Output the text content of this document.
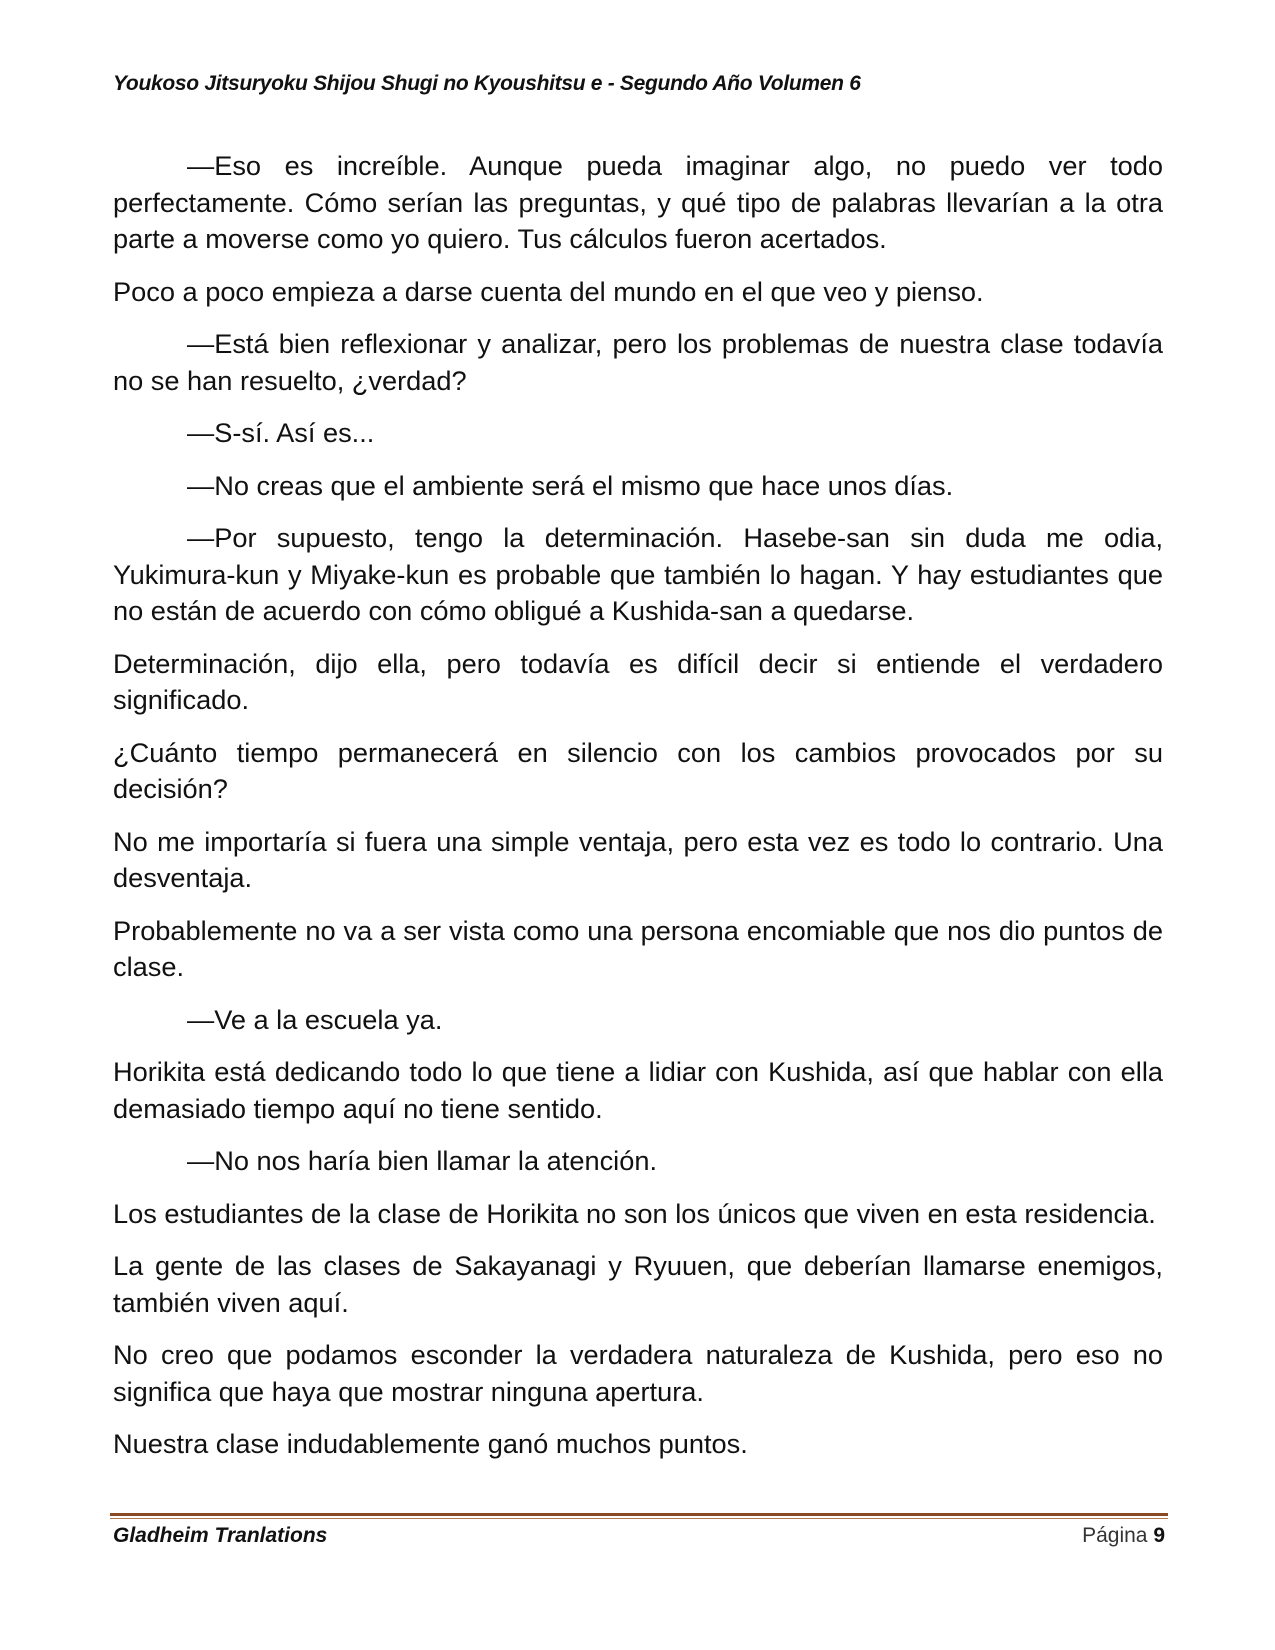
Youkoso Jitsuryoku Shijou Shugi no Kyoushitsu e - Segundo Año Volumen 6

—Eso es increíble. Aunque pueda imaginar algo, no puedo ver todo perfectamente. Cómo serían las preguntas, y qué tipo de palabras llevarían a la otra parte a moverse como yo quiero. Tus cálculos fueron acertados.

Poco a poco empieza a darse cuenta del mundo en el que veo y pienso.

—Está bien reflexionar y analizar, pero los problemas de nuestra clase todavía no se han resuelto, ¿verdad?

—S-sí. Así es...

—No creas que el ambiente será el mismo que hace unos días.

—Por supuesto, tengo la determinación. Hasebe-san sin duda me odia, Yukimura-kun y Miyake-kun es probable que también lo hagan. Y hay estudiantes que no están de acuerdo con cómo obligué a Kushida-san a quedarse.

Determinación, dijo ella, pero todavía es difícil decir si entiende el verdadero significado.

¿Cuánto tiempo permanecerá en silencio con los cambios provocados por su decisión?

No me importaría si fuera una simple ventaja, pero esta vez es todo lo contrario. Una desventaja.

Probablemente no va a ser vista como una persona encomiable que nos dio puntos de clase.

—Ve a la escuela ya.

Horikita está dedicando todo lo que tiene a lidiar con Kushida, así que hablar con ella demasiado tiempo aquí no tiene sentido.

—No nos haría bien llamar la atención.

Los estudiantes de la clase de Horikita no son los únicos que viven en esta residencia.

La gente de las clases de Sakayanagi y Ryuuen, que deberían llamarse enemigos, también viven aquí.

No creo que podamos esconder la verdadera naturaleza de Kushida, pero eso no significa que haya que mostrar ninguna apertura.

Nuestra clase indudablemente ganó muchos puntos.

Gladheim Tranlations	Página 9
